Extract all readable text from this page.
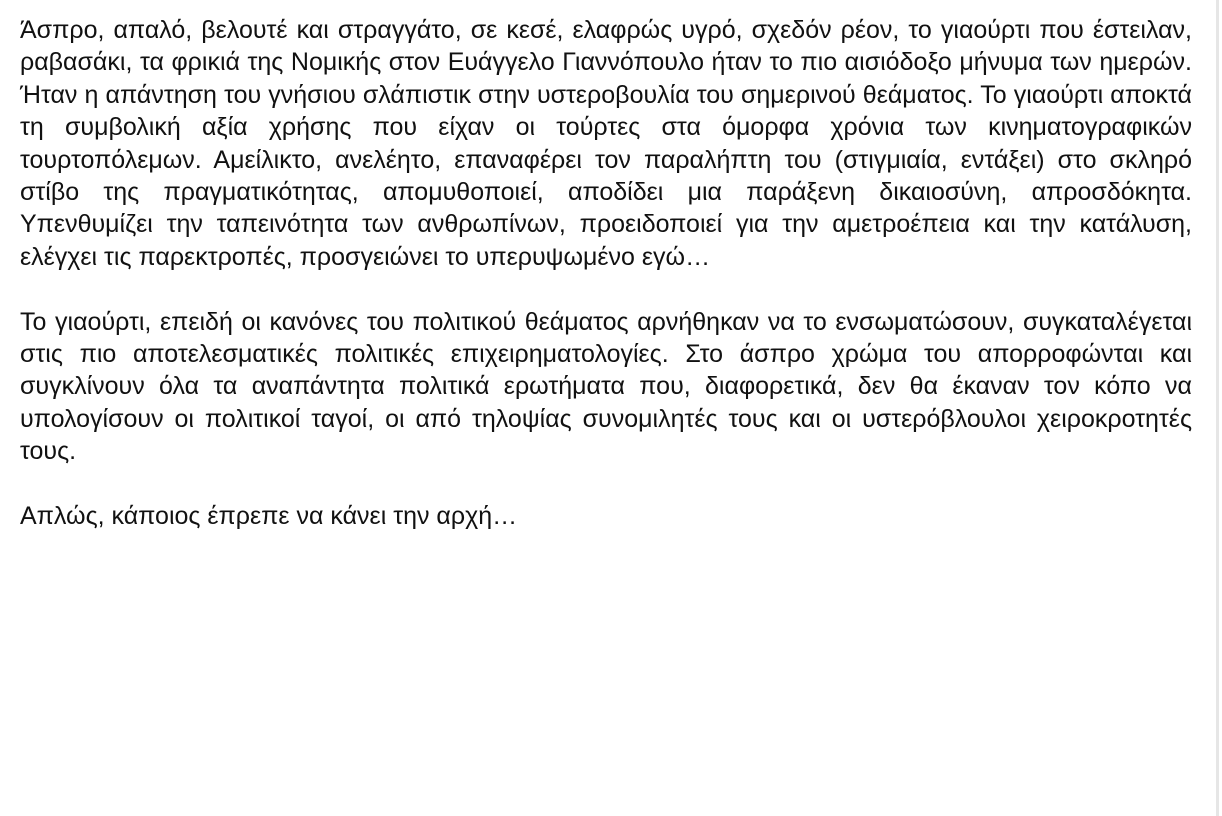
Άσπρο, απαλό, βελουτέ και στραγγάτο, σε κεσέ, ελαφρώς υγρό, σχεδόν ρέον, το γιαούρτι που έστειλαν, ραβασάκι, τα φρικιά της Νομικής στον Ευάγγελο Γιαννόπουλο ήταν το πιο αισιόδοξο μήνυμα των ημερών. Ήταν η απάντηση του γνήσιου σλάπιστικ στην υστεροβουλία του σημερινού θεάματος. Το γιαούρτι αποκτά τη συμβολική αξία χρήσης που είχαν οι τούρτες στα όμορφα χρόνια των κινηματογραφικών τουρτοπόλεμων. Αμείλικτο, ανελέητο, επαναφέρει τον παραλήπτη του (στιγμιαία, εντάξει) στο σκληρό στίβο της πραγματικότητας, απομυθοποιεί, αποδίδει μια παράξενη δικαιοσύνη, απροσδόκητα. Υπενθυμίζει την ταπεινότητα των ανθρωπίνων, προειδοποιεί για την αμετροέπεια και την κατάλυση, ελέγχει τις παρεκτροπές, προσγειώνει το υπερυψωμένο εγώ…

Το γιαούρτι, επειδή οι κανόνες του πολιτικού θεάματος αρνήθηκαν να το ενσωματώσουν, συγκαταλέγεται στις πιο αποτελεσματικές πολιτικές επιχειρηματολογίες. Στο άσπρο χρώμα του απορροφώνται και συγκλίνουν όλα τα αναπάντητα πολιτικά ερωτήματα που, διαφορετικά, δεν θα έκαναν τον κόπο να υπολογίσουν οι πολιτικοί ταγοί, οι από τηλοψίας συνομιλητές τους και οι υστερόβλουλοι χειροκροτητές τους.

Απλώς, κάποιος έπρεπε να κάνει την αρχή…
